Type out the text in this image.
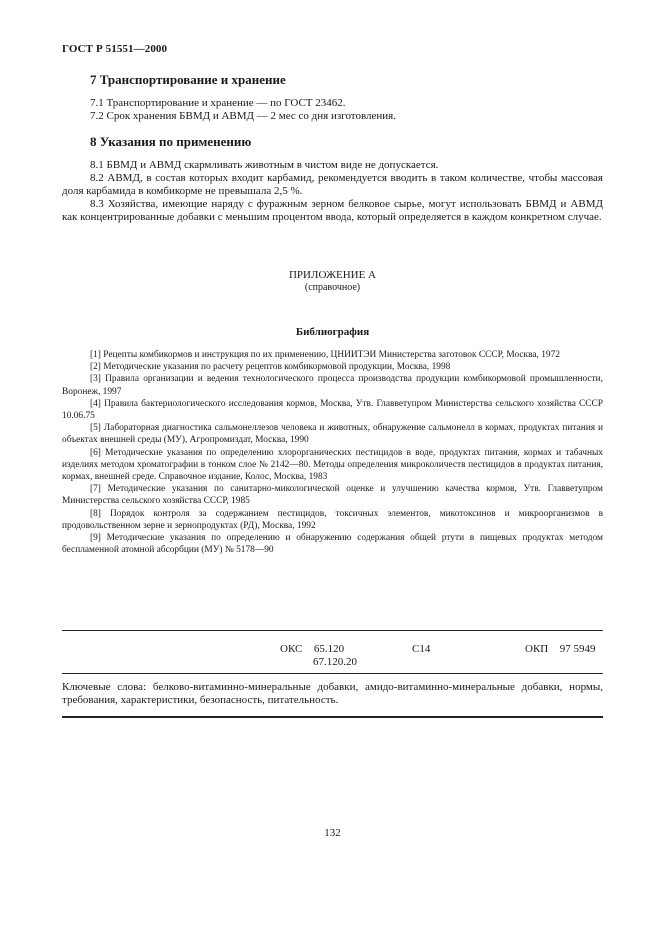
ГОСТ Р 51551—2000
7 Транспортирование и хранение
7.1 Транспортирование и хранение — по ГОСТ 23462.
7.2 Срок хранения БВМД и АВМД — 2 мес со дня изготовления.
8 Указания по применению
8.1 БВМД и АВМД скармливать животным в чистом виде не допускается.
8.2 АВМД, в состав которых входит карбамид, рекомендуется вводить в таком количестве, чтобы массовая доля карбамида в комбикорме не превышала 2,5 %.
8.3 Хозяйства, имеющие наряду с фуражным зерном белковое сырье, могут использовать БВМД и АВМД как концентрированные добавки с меньшим процентом ввода, который определяется в каждом конкретном случае.
ПРИЛОЖЕНИЕ А
(справочное)
Библиография

[1] Рецепты комбикормов и инструкция по их применению, ЦНИИТЭИ Министерства заготовок СССР, Москва, 1972

[2] Методические указания по расчету рецептов комбикормовой продукции, Москва, 1998

[3] Правила организации и ведения технологического процесса производства продукции комбикормовой промышленности, Воронеж, 1997

[4] Правила бактериологического исследования кормов, Москва, Утв. Главветупром Министерства сельского хозяйства СССР 10.06.75

[5] Лабораторная диагностика сальмонеллезов человека и животных, обнаружение сальмонелл в кормах, продуктах питания и объектах внешней среды (МУ), Агропромиздат, Москва, 1990

[6] Методические указания по определению хлорорганических пестицидов в воде, продуктах питания, кормах и табачных изделиях методом хроматографии в тонком слое № 2142—80. Методы определения микроколичеств пестицидов в продуктах питания, кормах, внешней среде. Справочное издание, Колос, Москва, 1983

[7] Методические указания по санитарно-микологической оценке и улучшению качества кормов, Утв. Главветупром Министерства сельского хозяйства СССР, 1985

[8] Порядок контроля за содержанием пестицидов, токсичных элементов, микотоксинов и микроорганизмов в продовольственном зерне и зернопродуктах (РД), Москва, 1992

[9] Методические указания по определению и обнаружению содержания общей ртути в пищевых продуктах методом беспламенной атомной абсорбции (МУ) № 5178—90

ОКС 65.120
67.120.20
С14	ОКП 97 5949
Ключевые слова: белково-витаминно-минеральные добавки, амидо-витаминно-минеральные добавки, нормы, требования, характеристики, безопасность, питательность.
132
